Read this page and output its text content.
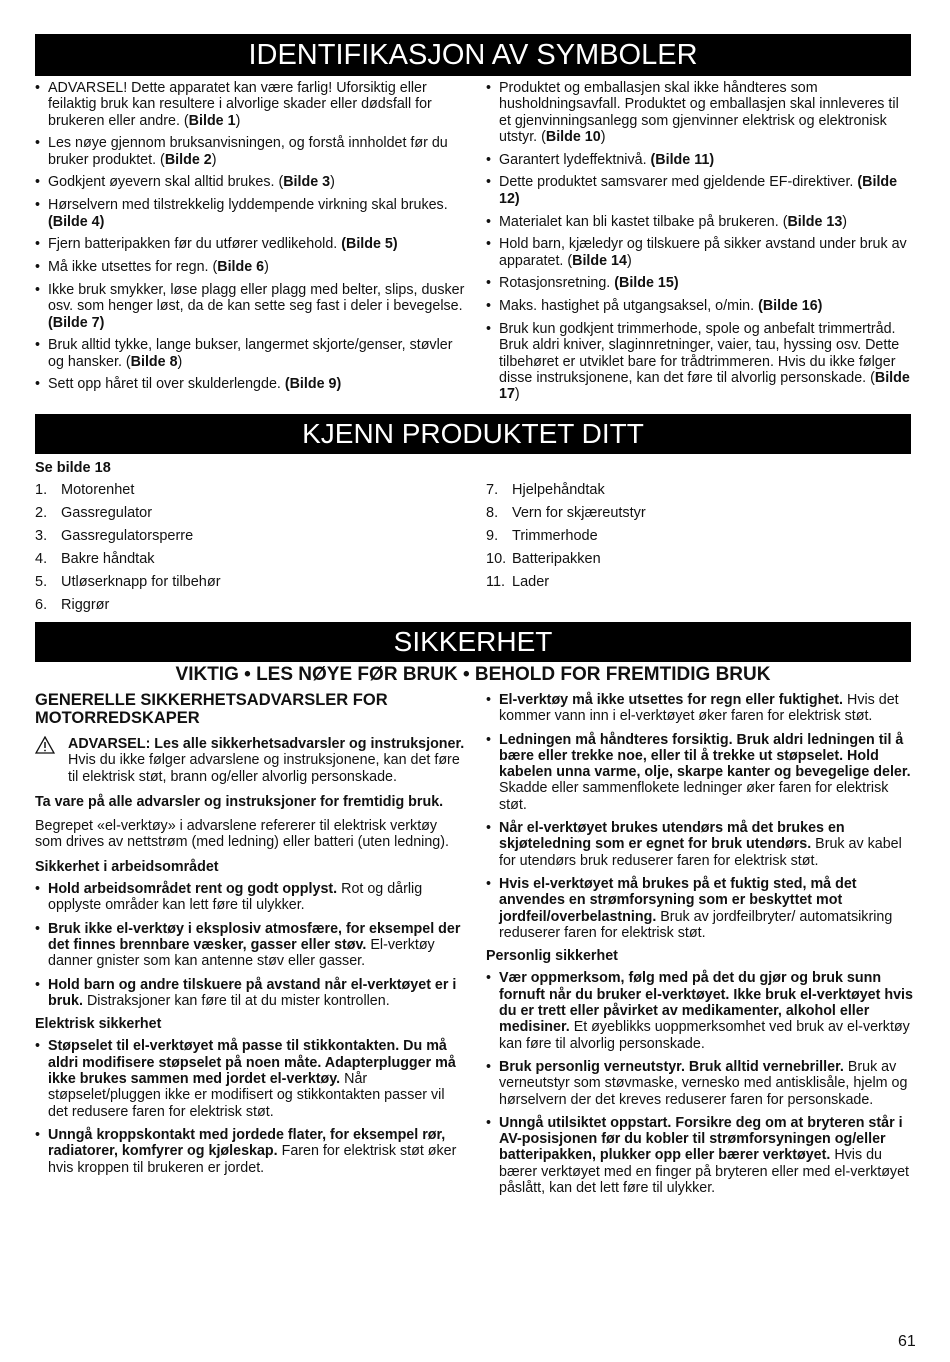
IDENTIFIKASJON AV SYMBOLER
• ADVARSEL! Dette apparatet kan være farlig! Uforsiktig eller feilaktig bruk kan resultere i alvorlige skader eller dødsfall for brukeren eller andre. (Bilde 1)
• Les nøye gjennom bruksanvisningen, og forstå innholdet før du bruker produktet. (Bilde 2)
• Godkjent øyevern skal alltid brukes. (Bilde 3)
• Hørselvern med tilstrekkelig lyddempende virkning skal brukes. (Bilde 4)
• Fjern batteripakken før du utfører vedlikehold. (Bilde 5)
• Må ikke utsettes for regn. (Bilde 6)
• Ikke bruk smykker, løse plagg eller plagg med belter, slips, dusker osv. som henger løst, da de kan sette seg fast i deler i bevegelse. (Bilde 7)
• Bruk alltid tykke, lange bukser, langermet skjorte/genser, støvler og hansker. (Bilde 8)
• Sett opp håret til over skulderlengde. (Bilde 9)
• Produktet og emballasjen skal ikke håndteres som husholdningsavfall. Produktet og emballasjen skal innleveres til et gjenvinningsanlegg som gjenvinner elektrisk og elektronisk utstyr. (Bilde 10)
• Garantert lydeffektnivå. (Bilde 11)
• Dette produktet samsvarer med gjeldende EF-direktiver. (Bilde 12)
• Materialet kan bli kastet tilbake på brukeren. (Bilde 13)
• Hold barn, kjæledyr og tilskuere på sikker avstand under bruk av apparatet. (Bilde 14)
• Rotasjonsretning. (Bilde 15)
• Maks. hastighet på utgangsaksel, o/min. (Bilde 16)
• Bruk kun godkjent trimmerhode, spole og anbefalt trimmertråd. Bruk aldri kniver, slaginnretninger, vaier, tau, hyssing osv. Dette tilbehøret er utviklet bare for trådtrimmeren. Hvis du ikke følger disse instruksjonene, kan det føre til alvorlig personskade. (Bilde 17)
KJENN PRODUKTET DITT
Se bilde 18
1. Motorenhet
2. Gassregulator
3. Gassregulatorsperre
4. Bakre håndtak
5. Utløserknapp for tilbehør
6. Riggrør
7. Hjelpehåndtak
8. Vern for skjæreutstyr
9. Trimmerhode
10. Batteripakken
11. Lader
SIKKERHET
VIKTIG • LES NØYE FØR BRUK • BEHOLD FOR FREMTIDIG BRUK
GENERELLE SIKKERHETSADVARSLER FOR MOTORREDSKAPER
ADVARSEL: Les alle sikkerhetsadvarsler og instruksjoner. Hvis du ikke følger advarslene og instruksjonene, kan det føre til elektrisk støt, brann og/eller alvorlig personskade.

Ta vare på alle advarsler og instruksjoner for fremtidig bruk.

Begrepet «el-verktøy» i advarslene refererer til elektrisk verktøy som drives av nettstrøm (med ledning) eller batteri (uten ledning).

Sikkerhet i arbeidsområdet
• Hold arbeidsområdet rent og godt opplyst. Rot og dårlig opplyste områder kan lett føre til ulykker.
• Bruk ikke el-verktøy i eksplosiv atmosfære, for eksempel der det finnes brennbare væsker, gasser eller støv. El-verktøy danner gnister som kan antenne støv eller gasser.
• Hold barn og andre tilskuere på avstand når el-verktøyet er i bruk. Distraksjoner kan føre til at du mister kontrollen.
Elektrisk sikkerhet
• Støpselet til el-verktøyet må passe til stikkontakten. Du må aldri modifisere støpselet på noen måte. Adapterplugger må ikke brukes sammen med jordet el-verktøy. Når støpselet/pluggen ikke er modifisert og stikkontakten passer vil det redusere faren for elektrisk støt.
• Unngå kroppskontakt med jordede flater, for eksempel rør, radiatorer, komfyrer og kjøleskap. Faren for elektrisk støt øker hvis kroppen til brukeren er jordet.
• El-verktøy må ikke utsettes for regn eller fuktighet. Hvis det kommer vann inn i el-verktøyet øker faren for elektrisk støt.
• Ledningen må håndteres forsiktig. Bruk aldri ledningen til å bære eller trekke noe, eller til å trekke ut støpselet. Hold kabelen unna varme, olje, skarpe kanter og bevegelige deler. Skadde eller sammenflokete ledninger øker faren for elektrisk støt.
• Når el-verktøyet brukes utendørs må det brukes en skjøteledning som er egnet for bruk utendørs. Bruk av kabel for utendørs bruk reduserer faren for elektrisk støt.
• Hvis el-verktøyet må brukes på et fuktig sted, må det anvendes en strømforsyning som er beskyttet mot jordfeil/overbelastning. Bruk av jordfeilbryter/ automatsikring reduserer faren for elektrisk støt.
Personlig sikkerhet
• Vær oppmerksom, følg med på det du gjør og bruk sunn fornuft når du bruker el-verktøyet. Ikke bruk el-verktøyet hvis du er trett eller påvirket av medikamenter, alkohol eller medisiner. Et øyeblikks uoppmerksomhet ved bruk av el-verktøy kan føre til alvorlig personskade.
• Bruk personlig verneutstyr. Bruk alltid vernebriller. Bruk av verneutstyr som støvmaske, vernesko med antisklisåle, hjelm og hørselvern der det kreves reduserer faren for personskade.
• Unngå utilsiktet oppstart. Forsikre deg om at bryteren står i AV-posisjonen før du kobler til strømforsyningen og/eller batteripakken, plukker opp eller bærer verktøyet. Hvis du bærer verktøyet med en finger på bryteren eller med el-verktøyet påslått, kan det lett føre til ulykker.
61
